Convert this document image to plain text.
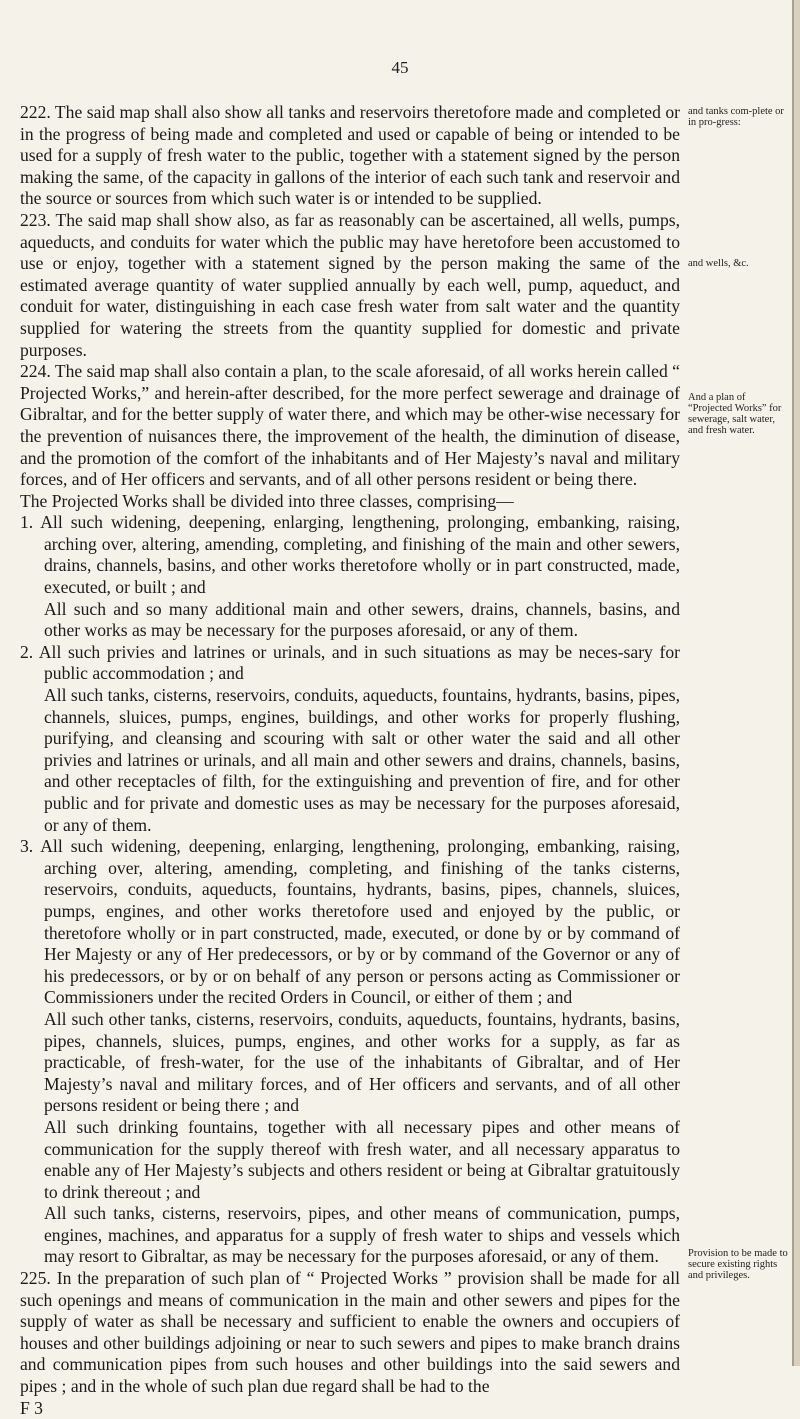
45

222. The said map shall also show all tanks and reservoirs theretofore made and completed or in the progress of being made and completed and used or capable of being or intended to be used for a supply of fresh water to the public, together with a statement signed by the person making the same, of the capacity in gallons of the interior of each such tank and reservoir and the source or sources from which such water is or intended to be supplied.

223. The said map shall show also, as far as reasonably can be ascertained, all wells, pumps, aqueducts, and conduits for water which the public may have heretofore been accustomed to use or enjoy, together with a statement signed by the person making the same of the estimated average quantity of water supplied annually by each well, pump, aqueduct, and conduit for water, distinguishing in each case fresh water from salt water and the quantity supplied for watering the streets from the quantity supplied for domestic and private purposes.

224. The said map shall also contain a plan, to the scale aforesaid, of all works herein called “ Projected Works,” and herein-after described, for the more perfect sewerage and drainage of Gibraltar, and for the better supply of water there, and which may be other-wise necessary for the prevention of nuisances there, the improvement of the health, the diminution of disease, and the promotion of the comfort of the inhabitants and of Her Majesty’s naval and military forces, and of Her officers and servants, and of all other persons resident or being there.

The Projected Works shall be divided into three classes, comprising—

1. All such widening, deepening, enlarging, lengthening, prolonging, embanking, raising, arching over, altering, amending, completing, and finishing of the main and other sewers, drains, channels, basins, and other works theretofore wholly or in part constructed, made, executed, or built ; and

All such and so many additional main and other sewers, drains, channels, basins, and other works as may be necessary for the purposes aforesaid, or any of them.

2. All such privies and latrines or urinals, and in such situations as may be neces-sary for public accommodation ; and

All such tanks, cisterns, reservoirs, conduits, aqueducts, fountains, hydrants, basins, pipes, channels, sluices, pumps, engines, buildings, and other works for properly flushing, purifying, and cleansing and scouring with salt or other water the said and all other privies and latrines or urinals, and all main and other sewers and drains, channels, basins, and other receptacles of filth, for the extinguishing and prevention of fire, and for other public and for private and domestic uses as may be necessary for the purposes aforesaid, or any of them.

3. All such widening, deepening, enlarging, lengthening, prolonging, embanking, raising, arching over, altering, amending, completing, and finishing of the tanks cisterns, reservoirs, conduits, aqueducts, fountains, hydrants, basins, pipes, channels, sluices, pumps, engines, and other works theretofore used and enjoyed by the public, or theretofore wholly or in part constructed, made, executed, or done by or by command of Her Majesty or any of Her predecessors, or by or by command of the Governor or any of his predecessors, or by or on behalf of any person or persons acting as Commissioner or Commissioners under the recited Orders in Council, or either of them ; and

All such other tanks, cisterns, reservoirs, conduits, aqueducts, fountains, hydrants, basins, pipes, channels, sluices, pumps, engines, and other works for a supply, as far as practicable, of fresh-water, for the use of the inhabitants of Gibraltar, and of Her Majesty’s naval and military forces, and of Her officers and servants, and of all other persons resident or being there ; and

All such drinking fountains, together with all necessary pipes and other means of communication for the supply thereof with fresh water, and all necessary apparatus to enable any of Her Majesty’s subjects and others resident or being at Gibraltar gratuitously to drink thereout ; and

All such tanks, cisterns, reservoirs, pipes, and other means of communication, pumps, engines, machines, and apparatus for a supply of fresh water to ships and vessels which may resort to Gibraltar, as may be necessary for the purposes aforesaid, or any of them.

225. In the preparation of such plan of “ Projected Works ” provision shall be made for all such openings and means of communication in the main and other sewers and pipes for the supply of water as shall be necessary and sufficient to enable the owners and occupiers of houses and other buildings adjoining or near to such sewers and pipes to make branch drains and communication pipes from such houses and other buildings into the said sewers and pipes ; and in the whole of such plan due regard shall be had to the

F 3

and tanks com-plete or in pro-gress:
and wells, &c.
And a plan of “Projected Works” for sewerage, salt water, and fresh water.
Provision to be made to secure existing rights and privileges.
